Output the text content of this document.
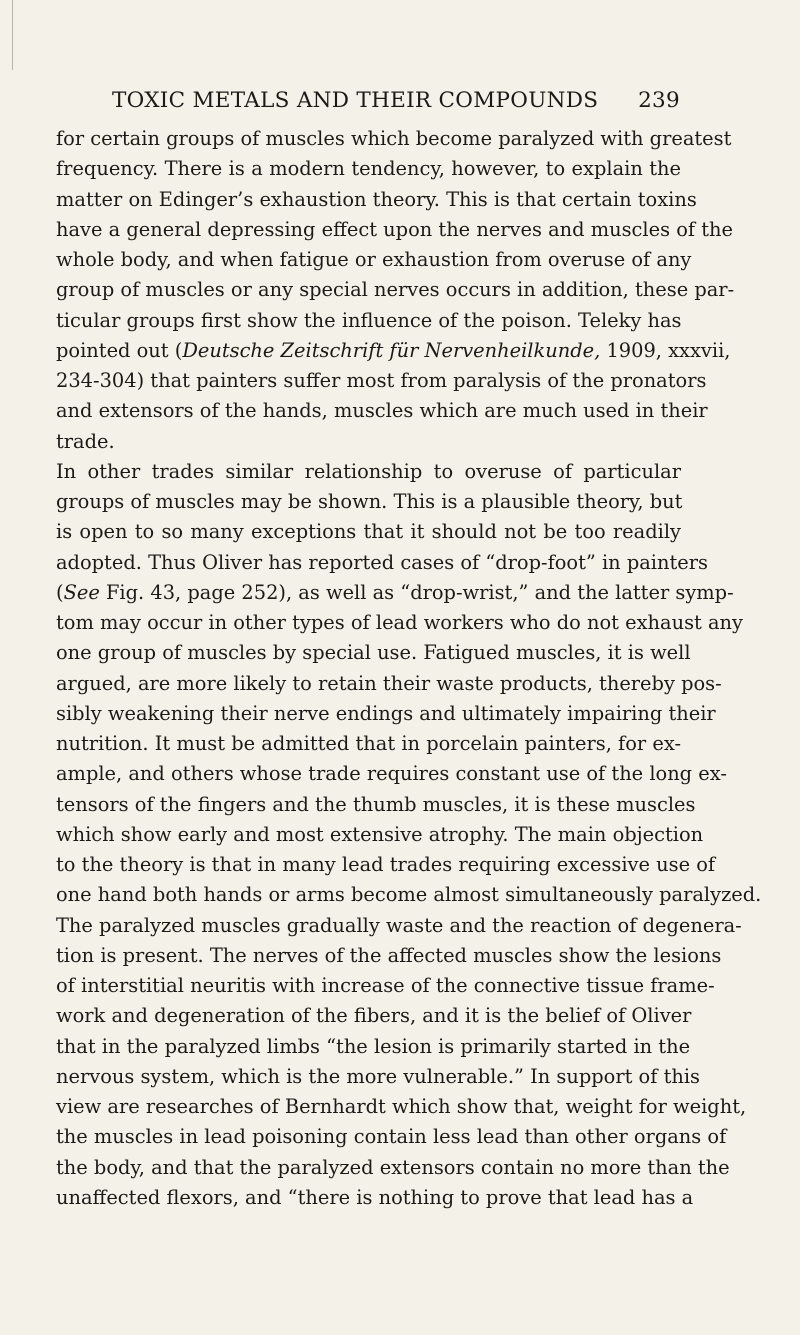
TOXIC METALS AND THEIR COMPOUNDS 239
for certain groups of muscles which become paralyzed with greatest
frequency. There is a modern tendency, however, to explain the
matter on Edinger’s exhaustion theory. This is that certain toxins
have a general depressing effect upon the nerves and muscles of the
whole body, and when fatigue or exhaustion from overuse of any
group of muscles or any special nerves occurs in addition, these par-
ticular groups first show the influence of the poison. Teleky has
pointed out (Deutsche Zeitschrift für Nervenheilkunde, 1909, xxxvii,
234-304) that painters suffer most from paralysis of the pronators
and extensors of the hands, muscles which are much used in their
trade.
In other trades similar relationship to overuse of particular
groups of muscles may be shown. This is a plausible theory, but
is open to so many exceptions that it should not be too readily
adopted. Thus Oliver has reported cases of “drop-foot” in painters
(See Fig. 43, page 252), as well as “drop-wrist,” and the latter symp-
tom may occur in other types of lead workers who do not exhaust any
one group of muscles by special use. Fatigued muscles, it is well
argued, are more likely to retain their waste products, thereby pos-
sibly weakening their nerve endings and ultimately impairing their
nutrition. It must be admitted that in porcelain painters, for ex-
ample, and others whose trade requires constant use of the long ex-
tensors of the fingers and the thumb muscles, it is these muscles
which show early and most extensive atrophy. The main objection
to the theory is that in many lead trades requiring excessive use of
one hand both hands or arms become almost simultaneously paralyzed.
The paralyzed muscles gradually waste and the reaction of degenera-
tion is present. The nerves of the affected muscles show the lesions
of interstitial neuritis with increase of the connective tissue frame-
work and degeneration of the fibers, and it is the belief of Oliver
that in the paralyzed limbs “the lesion is primarily started in the
nervous system, which is the more vulnerable.” In support of this
view are researches of Bernhardt which show that, weight for weight,
the muscles in lead poisoning contain less lead than other organs of
the body, and that the paralyzed extensors contain no more than the
unaffected flexors, and “there is nothing to prove that lead has a
